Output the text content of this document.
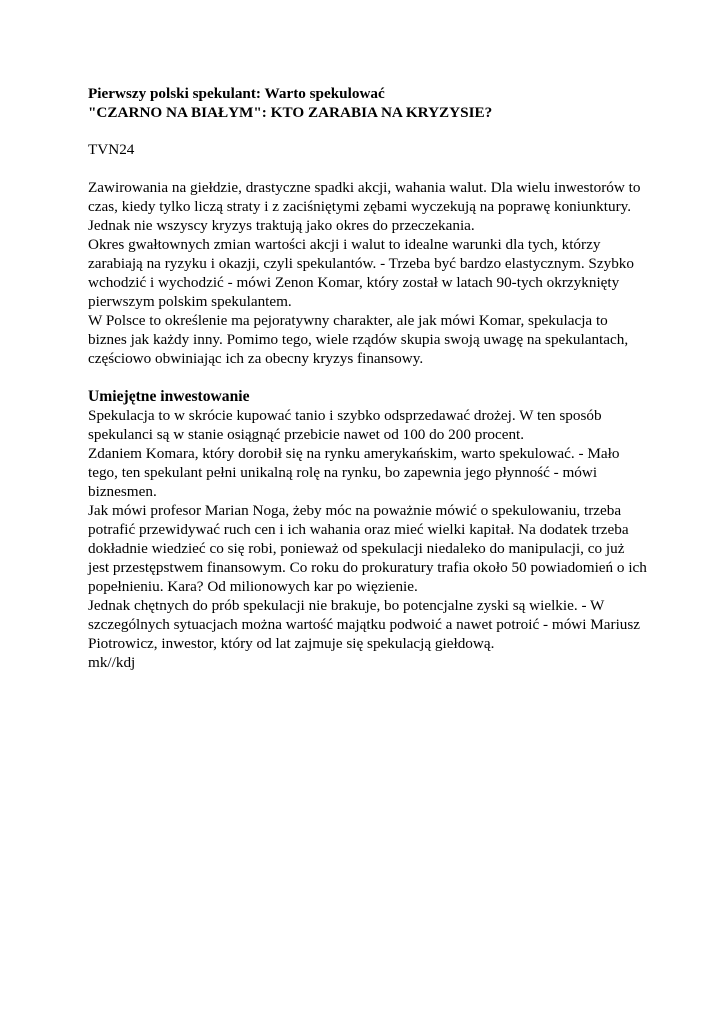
Pierwszy polski spekulant: Warto spekulować
"CZARNO NA BIAŁYM": KTO ZARABIA NA KRYZYSIE?

TVN24

Zawirowania na giełdzie, drastyczne spadki akcji, wahania walut. Dla wielu inwestorów to czas, kiedy tylko liczą straty i z zaciśniętymi zębami wyczekują na poprawę koniunktury. Jednak nie wszyscy kryzys traktują jako okres do przeczekania.

Okres gwałtownych zmian wartości akcji i walut to idealne warunki dla tych, którzy zarabiają na ryzyku i okazji, czyli spekulantów. - Trzeba być bardzo elastycznym. Szybko wchodzić i wychodzić - mówi Zenon Komar, który został w latach 90-tych okrzyknięty pierwszym polskim spekulantem.

W Polsce to określenie ma pejoratywny charakter, ale jak mówi Komar, spekulacja to biznes jak każdy inny. Pomimo tego, wiele rządów skupia swoją uwagę na spekulantach, częściowo obwiniając ich za obecny kryzys finansowy.

Umiejętne inwestowanie

Spekulacja to w skrócie kupować tanio i szybko odsprzedawać drożej. W ten sposób spekulanci są w stanie osiągnąć przebicie nawet od 100 do 200 procent.

Zdaniem Komara, który dorobił się na rynku amerykańskim, warto spekulować. - Mało tego, ten spekulant pełni unikalną rolę na rynku, bo zapewnia jego płynność - mówi biznesmen.

Jak mówi profesor Marian Noga, żeby móc na poważnie mówić o spekulowaniu, trzeba potrafić przewidywać ruch cen i ich wahania oraz mieć wielki kapitał. Na dodatek trzeba dokładnie wiedzieć co się robi, ponieważ od spekulacji niedaleko do manipulacji, co już jest przestępstwem finansowym. Co roku do prokuratury trafia około 50 powiadomień o ich popełnieniu. Kara? Od milionowych kar po więzienie.

Jednak chętnych do prób spekulacji nie brakuje, bo potencjalne zyski są wielkie. - W szczególnych sytuacjach można wartość majątku podwoić a nawet potroić - mówi Mariusz Piotrowicz, inwestor, który od lat zajmuje się spekulacją giełdową.

mk//kdj
